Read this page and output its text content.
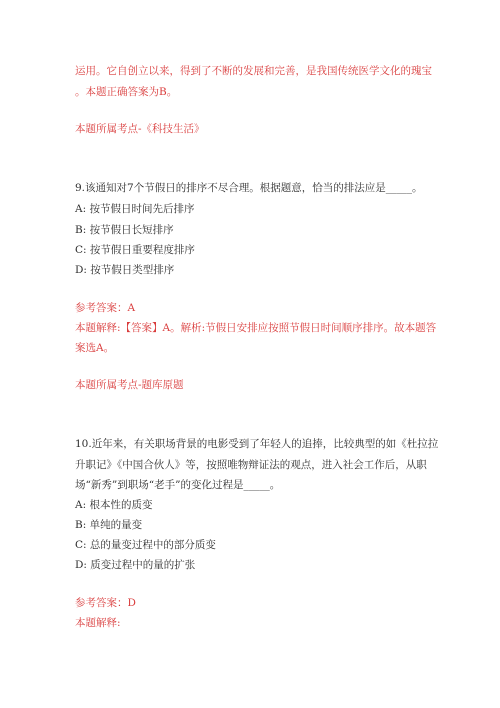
运用。它自创立以来，得到了不断的发展和完善，是我国传统医学文化的瑰宝
。本题正确答案为B。
本题所属考点-《科技生活》
9.该通知对7个节假日的排序不尽合理。根据题意，恰当的排法应是_____。
A: 按节假日时间先后排序
B: 按节假日长短排序
C: 按节假日重要程度排序
D: 按节假日类型排序
参考答案：A
本题解释:【答案】A。解析:节假日安排应按照节假日时间顺序排序。故本题答
案选A。
本题所属考点-题库原题
10.近年来，有关职场背景的电影受到了年轻人的追捧，比较典型的如《杜拉拉
升职记》《中国合伙人》等，按照唯物辩证法的观点，进入社会工作后，从职
场“新秀”到职场“老手”的变化过程是_____。
A: 根本性的质变
B: 单纯的量变
C: 总的量变过程中的部分质变
D: 质变过程中的量的扩张
参考答案：D
本题解释:
